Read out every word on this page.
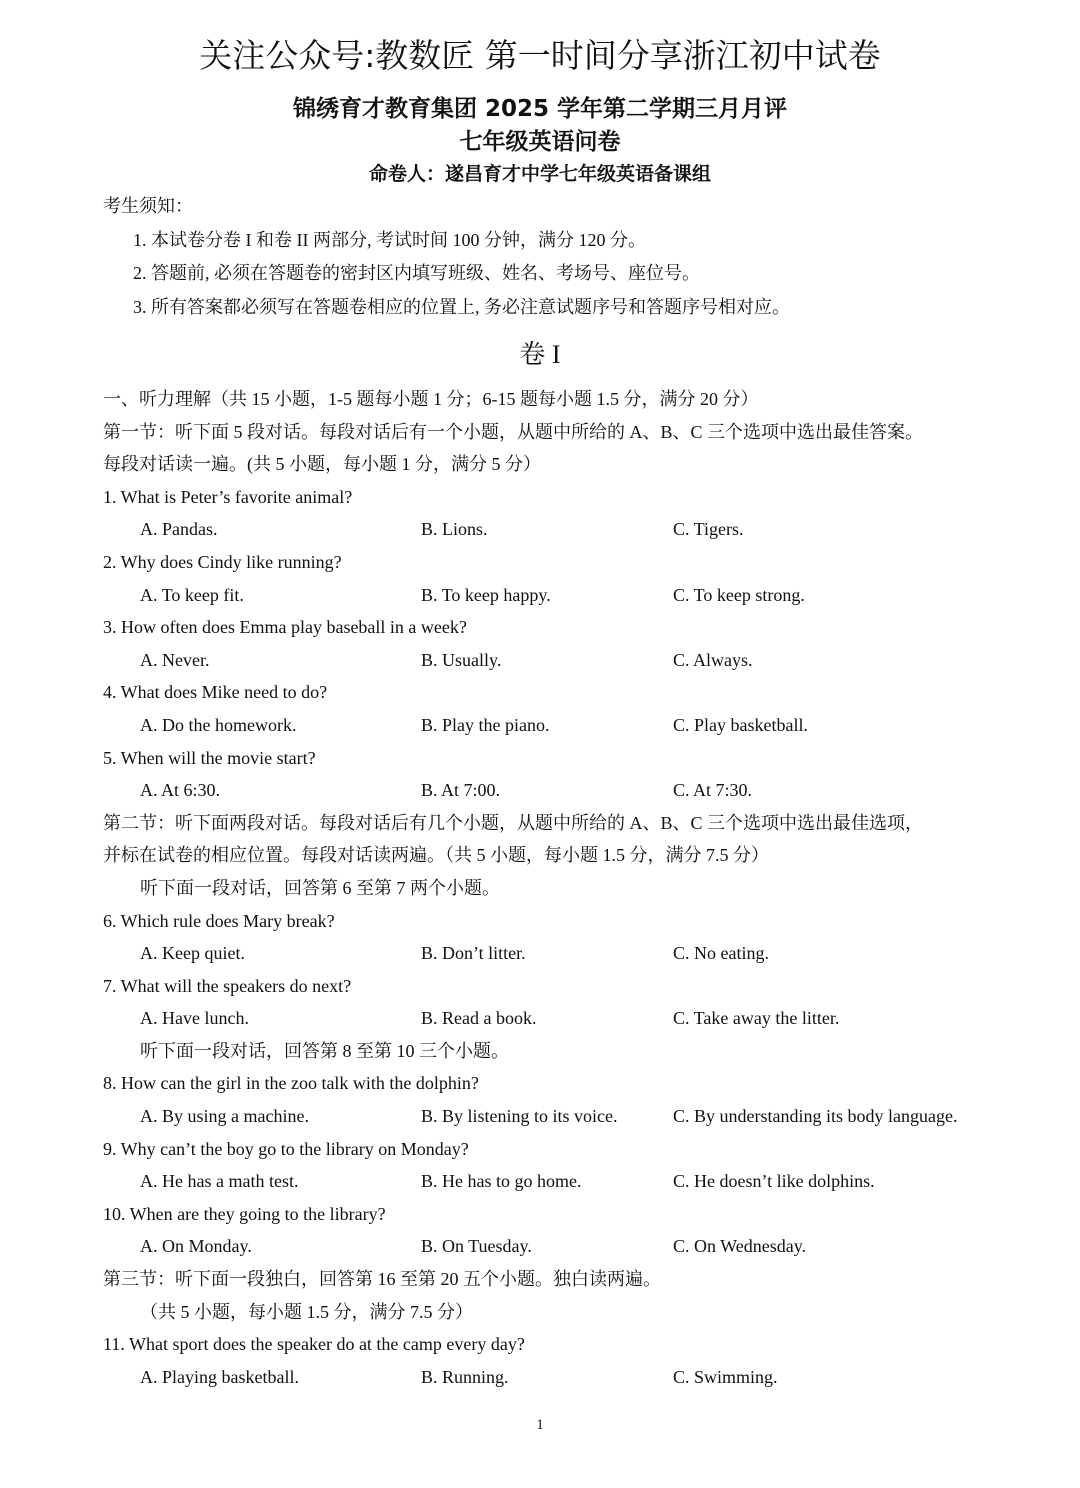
关注公众号:教数匠 第一时间分享浙江初中试卷
锦绣育才教育集团 2025 学年第二学期三月月评
七年级英语问卷
命卷人：遂昌育才中学七年级英语备课组
考生须知：
1. 本试卷分卷 I 和卷 II 两部分, 考试时间 100 分钟，满分 120 分。
2. 答题前, 必须在答题卷的密封区内填写班级、姓名、考场号、座位号。
3. 所有答案都必须写在答题卷相应的位置上, 务必注意试题序号和答题序号相对应。
卷 I
一、听力理解（共 15 小题，1-5 题每小题 1 分；6-15 题每小题 1.5 分，满分 20 分）
第一节：听下面 5 段对话。每段对话后有一个小题，从题中所给的 A、B、C 三个选项中选出最佳答案。
每段对话读一遍。(共 5 小题，每小题 1 分，满分 5 分）
1. What is Peter’s favorite animal?
A. Pandas.	B. Lions.	C. Tigers.
2. Why does Cindy like running?
A. To keep fit.	B. To keep happy.	C. To keep strong.
3. How often does Emma play baseball in a week?
A. Never.	B. Usually.	C. Always.
4. What does Mike need to do?
A. Do the homework.	B. Play the piano.	C. Play basketball.
5. When will the movie start?
A. At 6:30.	B. At 7:00.	C. At 7:30.
第二节：听下面两段对话。每段对话后有几个小题，从题中所给的 A、B、C 三个选项中选出最佳选项，
并标在试卷的相应位置。每段对话读两遍。（共 5 小题，每小题 1.5 分，满分 7.5 分）
听下面一段对话，回答第 6 至第 7 两个小题。
6. Which rule does Mary break?
A. Keep quiet.	B. Don’t litter.	C. No eating.
7. What will the speakers do next?
A. Have lunch.	B. Read a book.	C. Take away the litter.
听下面一段对话，回答第 8 至第 10 三个小题。
8. How can the girl in the zoo talk with the dolphin?
A. By using a machine.	B. By listening to its voice.	C. By understanding its body language.
9. Why can’t the boy go to the library on Monday?
A. He has a math test.	B. He has to go home.	C. He doesn’t like dolphins.
10. When are they going to the library?
A. On Monday.	B. On Tuesday.	C. On Wednesday.
第三节：听下面一段独白，回答第 16 至第 20 五个小题。独白读两遍。
（共 5 小题，每小题 1.5 分，满分 7.5 分）
11. What sport does the speaker do at the camp every day?
A. Playing basketball.	B. Running.	C. Swimming.
1
